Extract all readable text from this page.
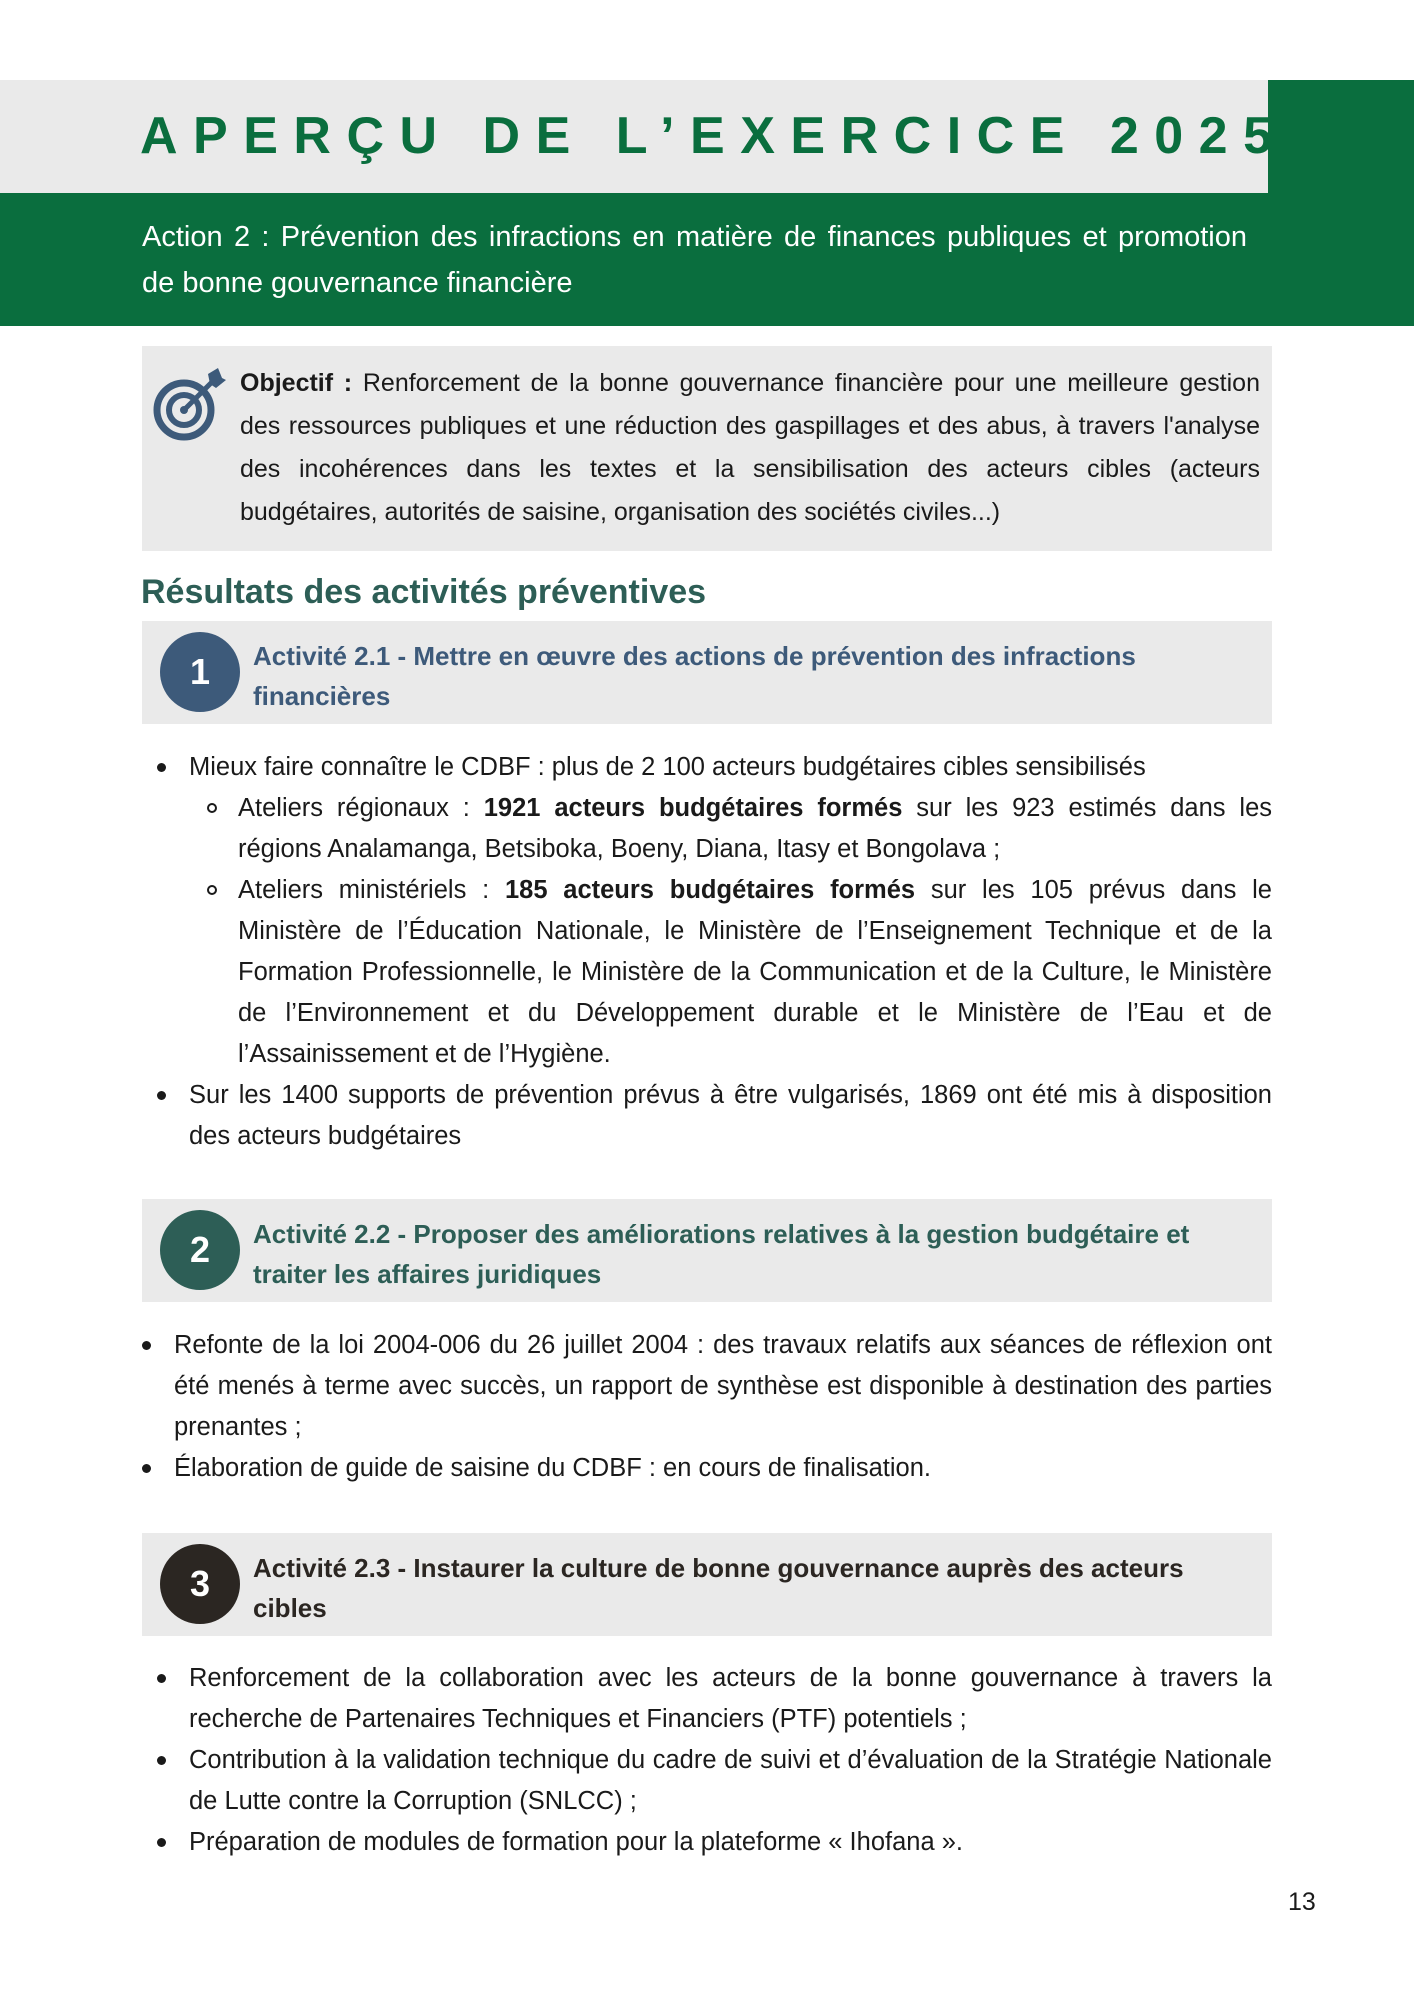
APERÇU DE L’EXERCICE 2025
Action 2 : Prévention des infractions en matière de finances publiques et promotion de bonne gouvernance financière
Objectif : Renforcement de la bonne gouvernance financière pour une meilleure gestion des ressources publiques et une réduction des gaspillages et des abus, à travers l'analyse des incohérences dans les textes et la sensibilisation des acteurs cibles (acteurs budgétaires, autorités de saisine, organisation des sociétés civiles...)
Résultats des activités préventives
1	Activité 2.1 - Mettre en œuvre des actions de prévention des infractions financières
Mieux faire connaître le CDBF : plus de 2 100 acteurs budgétaires cibles sensibilisés
Ateliers régionaux : 1921 acteurs budgétaires formés sur les 923 estimés dans les régions Analamanga, Betsiboka, Boeny, Diana, Itasy et Bongolava ;
Ateliers ministériels : 185 acteurs budgétaires formés sur les 105 prévus dans le Ministère de l’Éducation Nationale, le Ministère de l’Enseignement Technique et de la Formation Professionnelle, le Ministère de la Communication et de la Culture, le Ministère de l’Environnement et du Développement durable et le Ministère de l’Eau et de l’Assainissement et de l’Hygiène.
Sur les 1400 supports de prévention prévus à être vulgarisés, 1869 ont été mis à disposition des acteurs budgétaires
2	Activité 2.2 - Proposer des améliorations relatives à la gestion budgétaire et traiter les affaires juridiques
Refonte de la loi 2004-006 du 26 juillet 2004 : des travaux relatifs aux séances de réflexion ont été menés à terme avec succès, un rapport de synthèse est disponible à destination des parties prenantes ;
Élaboration de guide de saisine du CDBF : en cours de finalisation.
3	Activité 2.3 - Instaurer la culture de bonne gouvernance auprès des acteurs cibles
Renforcement de la collaboration avec les acteurs de la bonne gouvernance à travers la recherche de Partenaires Techniques et Financiers (PTF) potentiels ;
Contribution à la validation technique du cadre de suivi et d’évaluation de la Stratégie Nationale de Lutte contre la Corruption (SNLCC) ;
Préparation de modules de formation pour la plateforme « Ihofana ».
13
